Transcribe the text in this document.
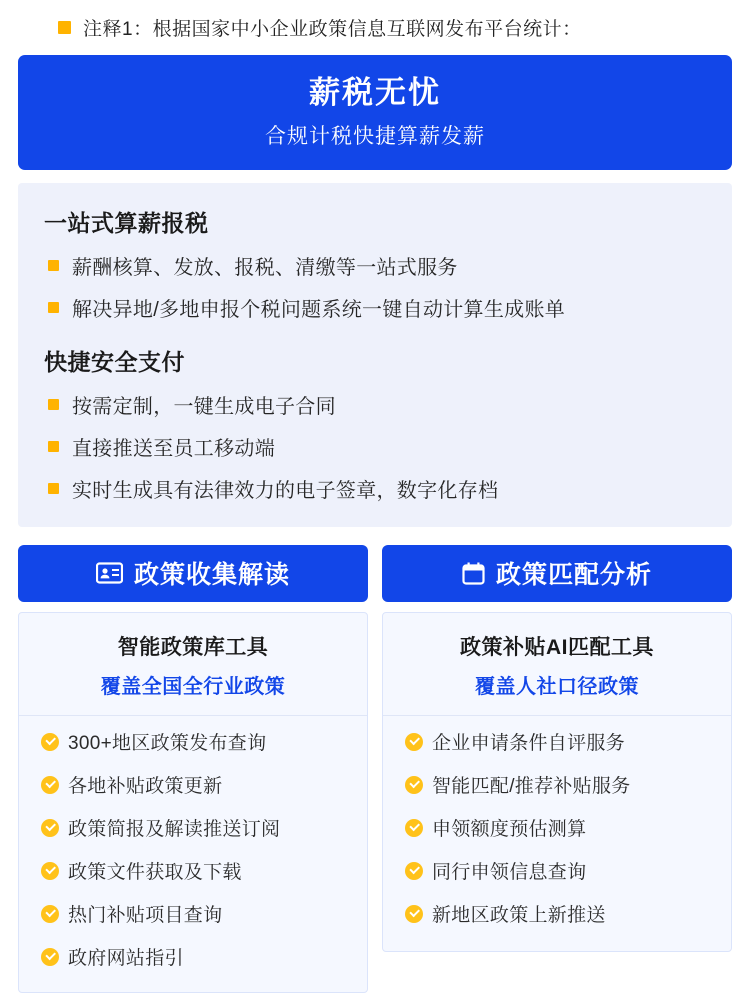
注释1：根据国家中小企业政策信息互联网发布平台统计：
薪税无忧
合规计税快捷算薪发薪
一站式算薪报税
薪酬核算、发放、报税、清缴等一站式服务
解决异地/多地申报个税问题系统一键自动计算生成账单
快捷安全支付
按需定制，一键生成电子合同
直接推送至员工移动端
实时生成具有法律效力的电子签章，数字化存档
政策收集解读
智能政策库工具
覆盖全国全行业政策
300+地区政策发布查询
各地补贴政策更新
政策简报及解读推送订阅
政策文件获取及下载
热门补贴项目查询
政府网站指引
政策匹配分析
政策补贴AI匹配工具
覆盖人社口径政策
企业申请条件自评服务
智能匹配/推荐补贴服务
申领额度预估测算
同行申领信息查询
新地区政策上新推送
